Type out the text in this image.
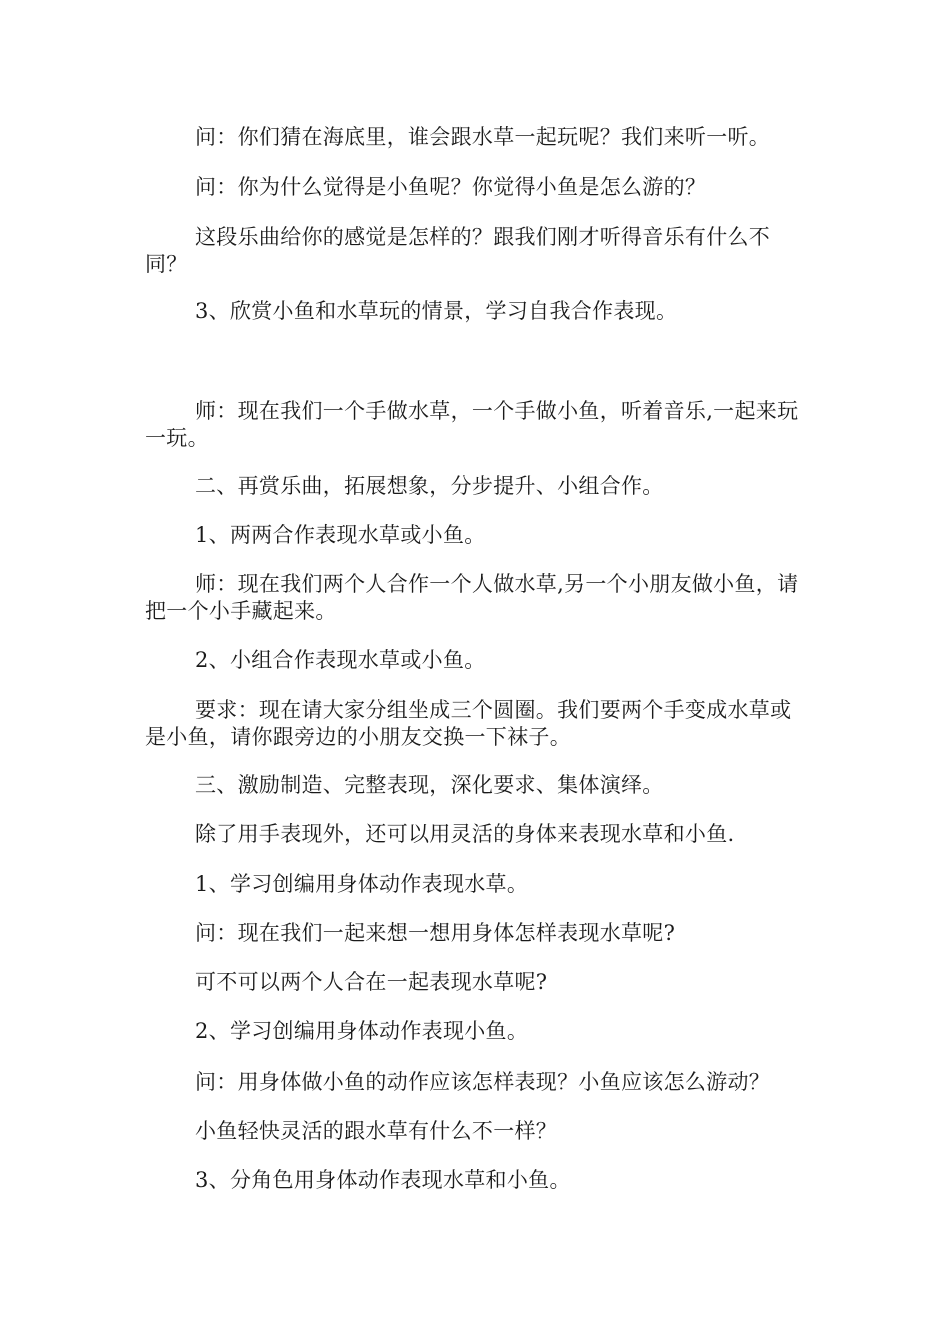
问：你们猜在海底里，谁会跟水草一起玩呢？我们来听一听。

问：你为什么觉得是小鱼呢？你觉得小鱼是怎么游的？

这段乐曲给你的感觉是怎样的？跟我们刚才听得音乐有什么不同？

3、欣赏小鱼和水草玩的情景，学习自我合作表现。

师：现在我们一个手做水草，一个手做小鱼，听着音乐,一起来玩一玩。

二、再赏乐曲，拓展想象，分步提升、小组合作。

1、两两合作表现水草或小鱼。

师：现在我们两个人合作一个人做水草,另一个小朋友做小鱼，请把一个小手藏起来。

2、小组合作表现水草或小鱼。

要求：现在请大家分组坐成三个圆圈。我们要两个手变成水草或是小鱼，请你跟旁边的小朋友交换一下袜子。

三、激励制造、完整表现，深化要求、集体演绎。

除了用手表现外，还可以用灵活的身体来表现水草和小鱼.

1、学习创编用身体动作表现水草。

问：现在我们一起来想一想用身体怎样表现水草呢?

可不可以两个人合在一起表现水草呢?

2、学习创编用身体动作表现小鱼。

问：用身体做小鱼的动作应该怎样表现？小鱼应该怎么游动？

小鱼轻快灵活的跟水草有什么不一样？

3、分角色用身体动作表现水草和小鱼。
